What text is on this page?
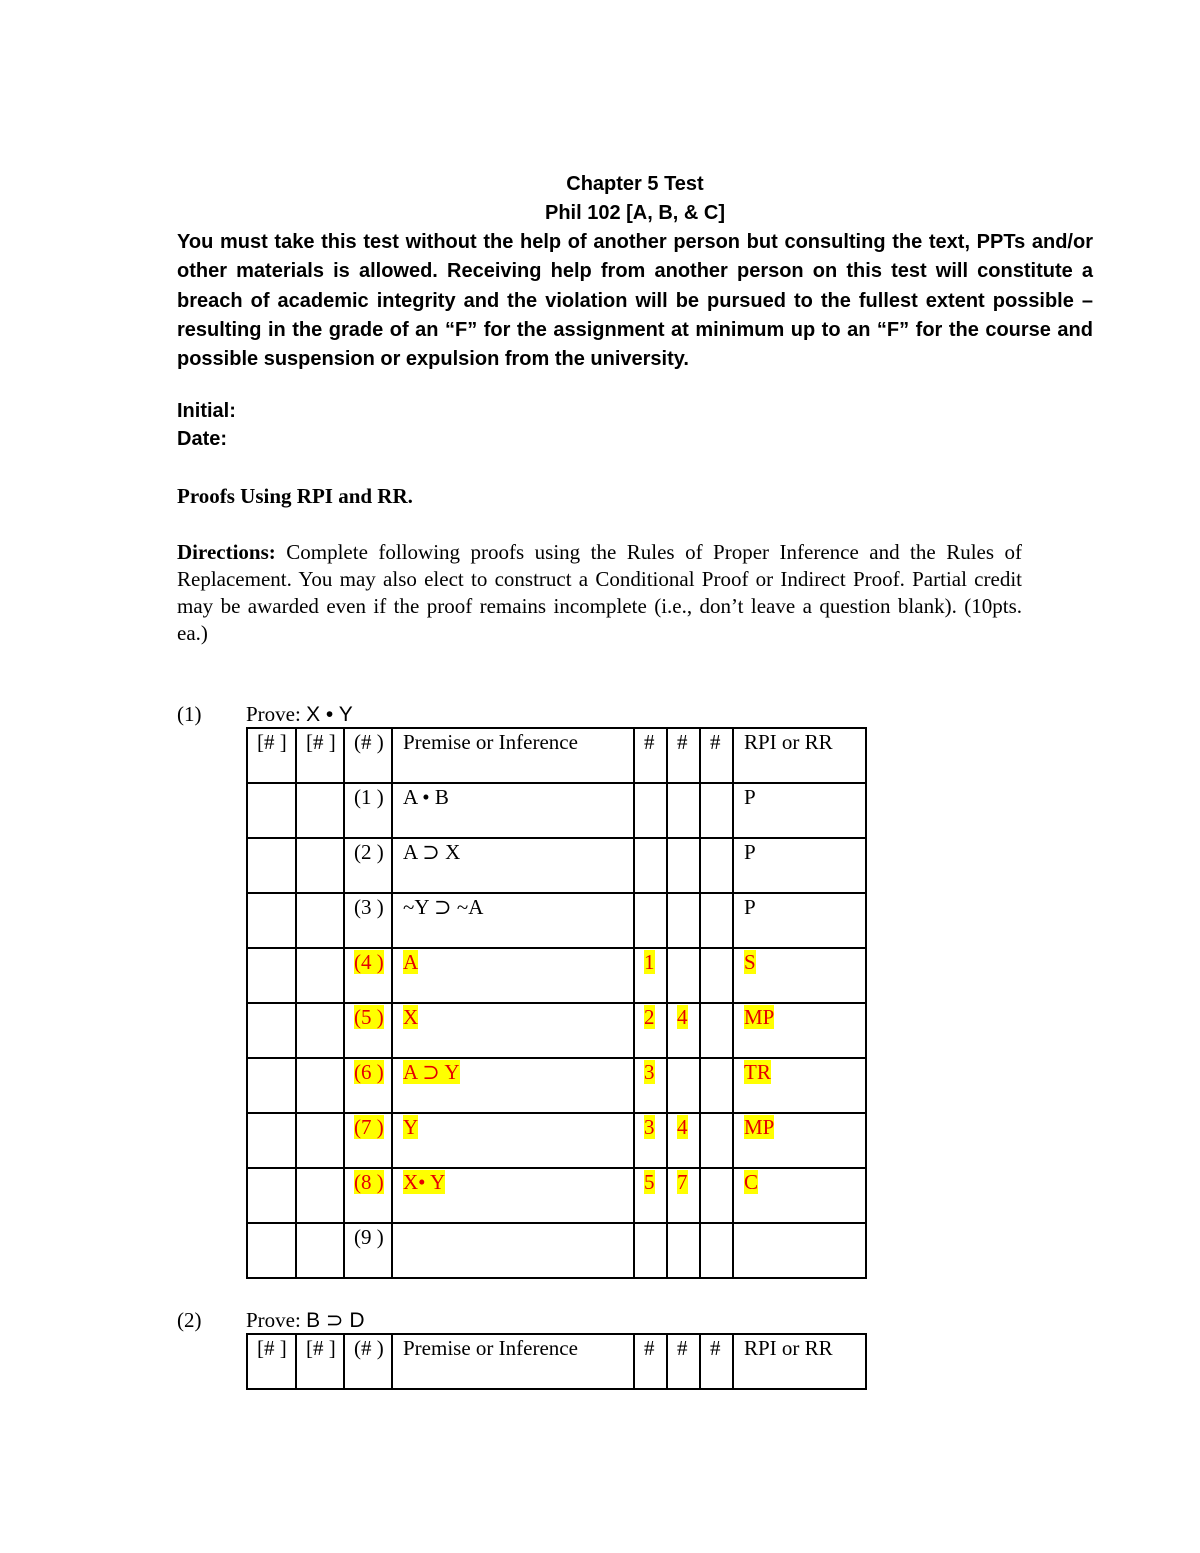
Chapter 5 Test
Phil 102 [A, B, & C]

You must take this test without the help of another person but consulting the text, PPTs and/or other materials is allowed. Receiving help from another person on this test will constitute a breach of academic integrity and the violation will be pursued to the fullest extent possible – resulting in the grade of an “F” for the assignment at minimum up to an “F” for the course and possible suspension or expulsion from the university.

Initial:
Date:
Proofs Using RPI and RR.
Directions: Complete following proofs using the Rules of Proper Inference and the Rules of Replacement. You may also elect to construct a Conditional Proof or Indirect Proof. Partial credit may be awarded even if the proof remains incomplete (i.e., don’t leave a question blank). (10pts. ea.)
(1) Prove: X • Y
[# ]	[# ]	(# )	Premise or Inference	#	#	#	RPI or RR
		(1 )	A • B				P
		(2 )	A ⊃ X				P
		(3 )	~Y ⊃ ~A				P
		(4 )	A	1			S
		(5 )	X	2	4		MP
		(6 )	A ⊃ Y	3			TR
		(7 )	Y	3	4		MP
		(8 )	X• Y	5	7		C
		(9 )					
(2) Prove: B ⊃ D
[# ]	[# ]	(# )	Premise or Inference	#	#	#	RPI or RR
